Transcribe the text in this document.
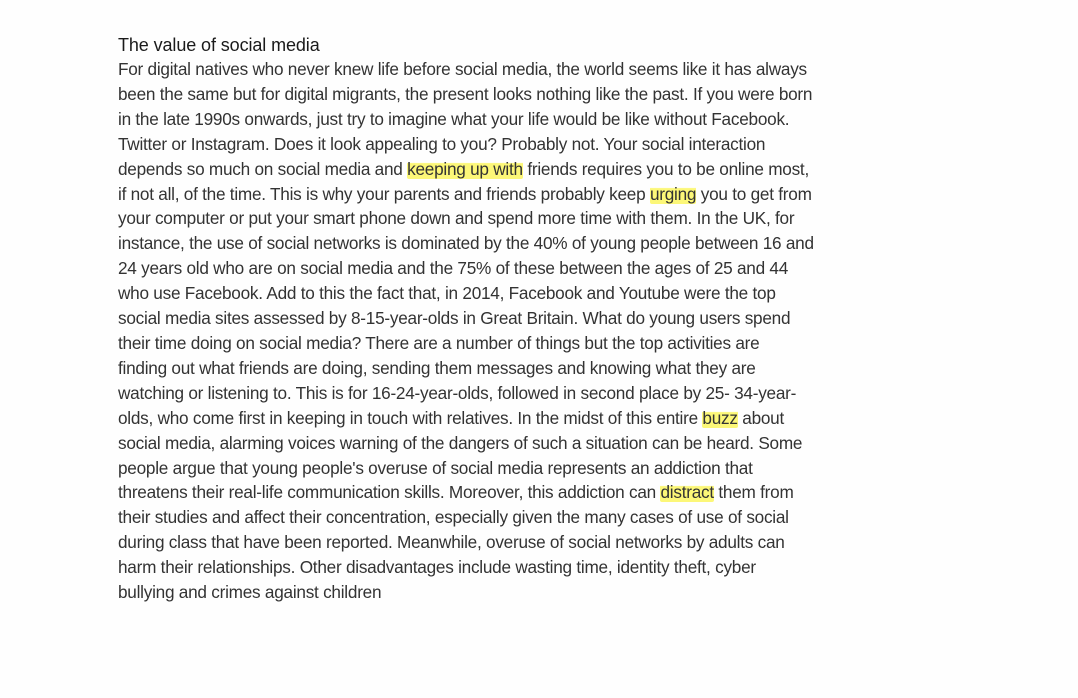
The value of social media
For digital natives who never knew life before social media, the world seems like it has always
been the same but for digital migrants, the present looks nothing like the past. If you were born
in the late 1990s onwards, just try to imagine what your life would be like without Facebook.
Twitter or Instagram. Does it look appealing to you? Probably not. Your social interaction
depends so much on social media and keeping up with friends requires you to be online most,
if not all, of the time. This is why your parents and friends probably keep urging you to get from
your computer or put your smart phone down and spend more time with them. In the UK, for
instance, the use of social networks is dominated by the 40% of young people between 16 and
24 years old who are on social media and the 75% of these between the ages of 25 and 44
who use Facebook. Add to this the fact that, in 2014, Facebook and Youtube were the top
social media sites assessed by 8-15-year-olds in Great Britain. What do young users spend
their time doing on social media? There are a number of things but the top activities are
finding out what friends are doing, sending them messages and knowing what they are
watching or listening to. This is for 16-24-year-olds, followed in second place by 25- 34-year-
olds, who come first in keeping in touch with relatives. In the midst of this entire buzz about
social media, alarming voices warning of the dangers of such a situation can be heard. Some
people argue that young people's overuse of social media represents an addiction that
threatens their real-life communication skills. Moreover, this addiction can distract them from
their studies and affect their concentration, especially given the many cases of use of social
during class that have been reported. Meanwhile, overuse of social networks by adults can
harm their relationships. Other disadvantages include wasting time, identity theft, cyber
bullying and crimes against children
